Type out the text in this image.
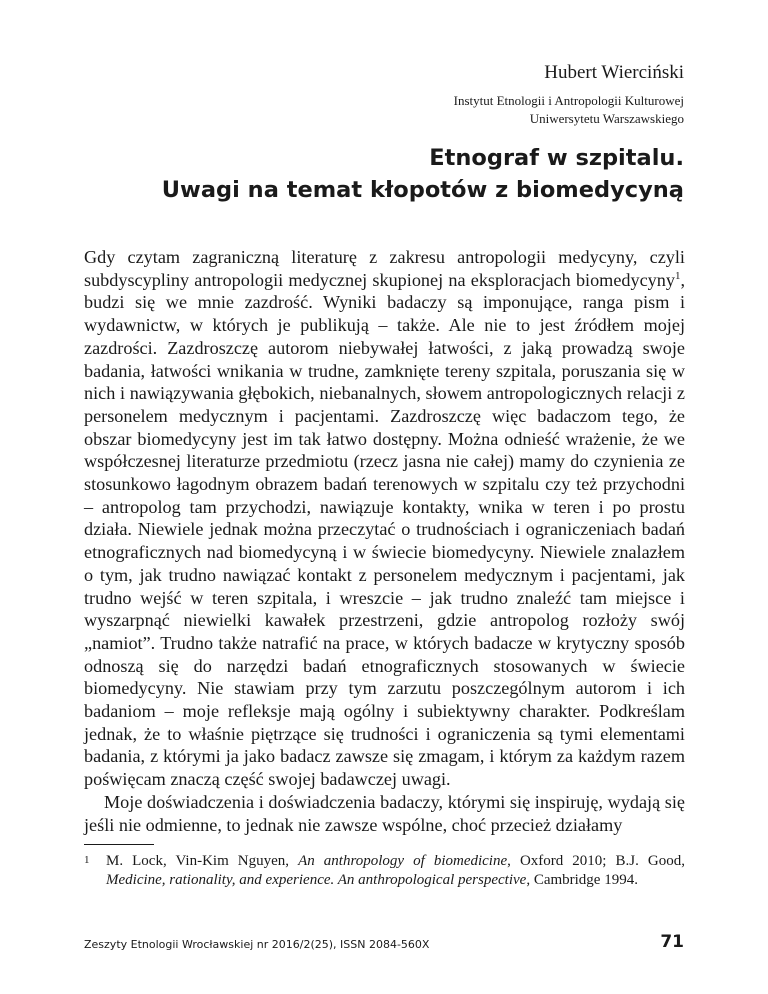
Hubert Wierciński
Instytut Etnologii i Antropologii Kulturowej
Uniwersytetu Warszawskiego
Etnograf w szpitalu.
Uwagi na temat kłopotów z biomedycyną

Gdy czytam zagraniczną literaturę z zakresu antropologii medycyny, czyli subdyscypliny antropologii medycznej skupionej na eksploracjach biomedycyny$^1$, budzi się we mnie zazdrość. Wyniki badaczy są imponujące, ranga pism i wydawnictw, w których je publikują – także. Ale nie to jest źródłem mojej zazdrości. Zazdroszczę autorom niebywałej łatwości, z jaką prowadzą swoje badania, łatwości wnikania w trudne, zamknięte tereny szpitala, poruszania się w nich i nawiązywania głębokich, niebanalnych, słowem antropologicznych relacji z personelem medycznym i pacjentami. Zazdroszczę więc badaczom tego, że obszar biomedycyny jest im tak łatwo dostępny. Można odnieść wrażenie, że we współczesnej literaturze przedmiotu (rzecz jasna nie całej) mamy do czynienia ze stosunkowo łagodnym obrazem badań terenowych w szpitalu czy też przychodni – antropolog tam przychodzi, nawiązuje kontakty, wnika w teren i po prostu działa. Niewiele jednak można przeczytać o trudnościach i ograniczeniach badań etnograficznych nad biomedycyną i w świecie biomedycyny. Niewiele znalazłem o tym, jak trudno nawiązać kontakt z personelem medycznym i pacjentami, jak trudno wejść w teren szpitala, i wreszcie – jak trudno znaleźć tam miejsce i wyszarpnąć niewielki kawałek przestrzeni, gdzie antropolog rozłoży swój „namiot”. Trudno także natrafić na prace, w których badacze w krytyczny sposób odnoszą się do narzędzi badań etnograficznych stosowanych w świecie biomedycyny. Nie stawiam przy tym zarzutu poszczególnym autorom i ich badaniom – moje refleksje mają ogólny i subiektywny charakter. Podkreślam jednak, że to właśnie piętrzące się trudności i ograniczenia są tymi elementami badania, z którymi ja jako badacz zawsze się zmagam, i którym za każdym razem poświęcam znaczą część swojej badawczej uwagi.

Moje doświadczenia i doświadczenia badaczy, którymi się inspiruję, wydają się jeśli nie odmienne, to jednak nie zawsze wspólne, choć przecież działamy

1 M. Lock, Vin-Kim Nguyen, An anthropology of biomedicine, Oxford 2010; B.J. Good, Medicine, rationality, and experience. An anthropological perspective, Cambridge 1994.
Zeszyty Etnologii Wrocławskiej nr 2016/2(25), ISSN 2084-560X	71
